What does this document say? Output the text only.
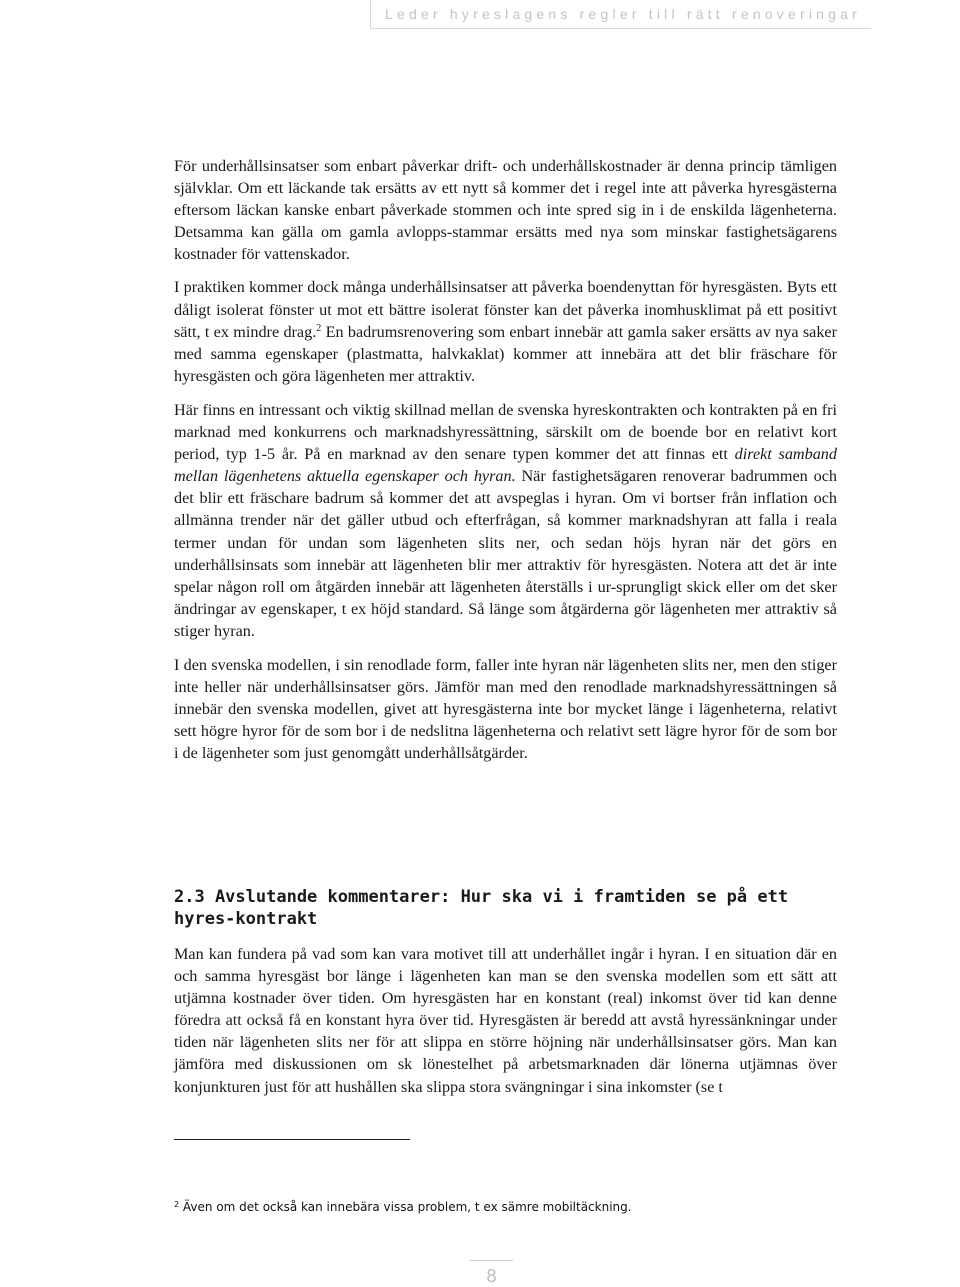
Leder hyreslagens regler till rätt renoveringar

För underhållsinsatser som enbart påverkar drift- och underhållskostnader är denna princip tämligen självklar. Om ett läckande tak ersätts av ett nytt så kommer det i regel inte att påverka hyresgästerna eftersom läckan kanske enbart påverkade stommen och inte spred sig in i de enskilda lägenheterna. Detsamma kan gälla om gamla avlopps-stammar ersätts med nya som minskar fastighetsägarens kostnader för vattenskador.

I praktiken kommer dock många underhållsinsatser att påverka boendenyttan för hyresgästen. Byts ett dåligt isolerat fönster ut mot ett bättre isolerat fönster kan det påverka inomhusklimat på ett positivt sätt, t ex mindre drag.$^2$ En badrumsrenovering som enbart innebär att gamla saker ersätts av nya saker med samma egenskaper (plastmatta, halvkaklat) kommer att innebära att det blir fräschare för hyresgästen och göra lägenheten mer attraktiv.

Här finns en intressant och viktig skillnad mellan de svenska hyreskontrakten och kontrakten på en fri marknad med konkurrens och marknadshyressättning, särskilt om de boende bor en relativt kort period, typ 1-5 år. På en marknad av den senare typen kommer det att finnas ett direkt samband mellan lägenhetens aktuella egenskaper och hyran. När fastighetsägaren renoverar badrummen och det blir ett fräschare badrum så kommer det att avspeglas i hyran. Om vi bortser från inflation och allmänna trender när det gäller utbud och efterfrågan, så kommer marknadshyran att falla i reala termer undan för undan som lägenheten slits ner, och sedan höjs hyran när det görs en underhållsinsats som innebär att lägenheten blir mer attraktiv för hyresgästen. Notera att det är inte spelar någon roll om åtgärden innebär att lägenheten återställs i ur-sprungligt skick eller om det sker ändringar av egenskaper, t ex höjd standard. Så länge som åtgärderna gör lägenheten mer attraktiv så stiger hyran.

I den svenska modellen, i sin renodlade form, faller inte hyran när lägenheten slits ner, men den stiger inte heller när underhållsinsatser görs. Jämför man med den renodlade marknadshyressättningen så innebär den svenska modellen, givet att hyresgästerna inte bor mycket länge i lägenheterna, relativt sett högre hyror för de som bor i de nedslitna lägenheterna och relativt sett lägre hyror för de som bor i de lägenheter som just genomgått underhållsåtgärder.

2.3 Avslutande kommentarer: Hur ska vi i framtiden se på ett hyres-kontrakt

Man kan fundera på vad som kan vara motivet till att underhållet ingår i hyran. I en situation där en och samma hyresgäst bor länge i lägenheten kan man se den svenska modellen som ett sätt att utjämna kostnader över tiden. Om hyresgästen har en konstant (real) inkomst över tid kan denne föredra att också få en konstant hyra över tid. Hyresgästen är beredd att avstå hyressänkningar under tiden när lägenheten slits ner för att slippa en större höjning när underhållsinsatser görs. Man kan jämföra med diskussionen om sk lönestelhet på arbetsmarknaden där lönerna utjämnas över konjunkturen just för att hushållen ska slippa stora svängningar i sina inkomster (se t

$^2$ Även om det också kan innebära vissa problem, t ex sämre mobiltäckning.
8
